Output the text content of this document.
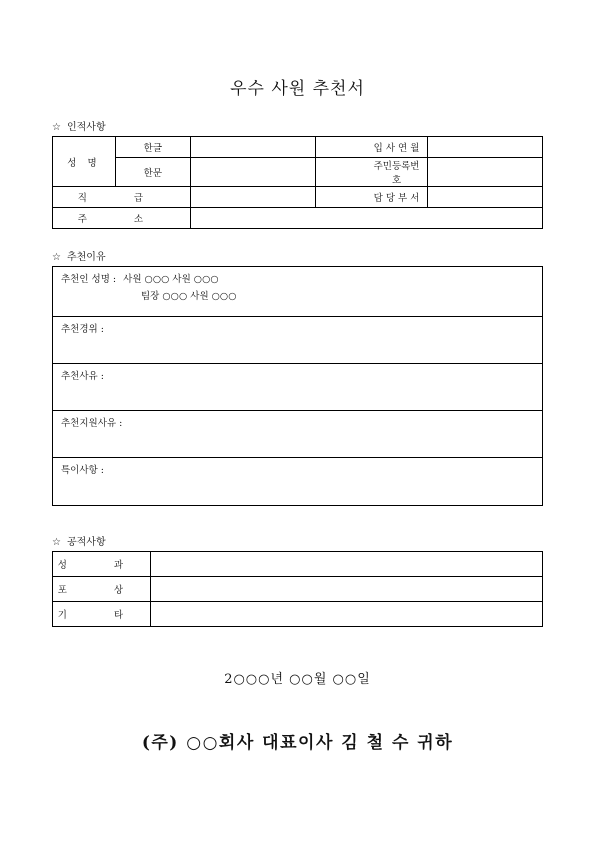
우수 사원 추천서
☆ 인적사항
성 명	한글			입 사 연 월	
	한문			주민등록번호	
직 급				담 당 부 서	
주 소					
☆ 추천이유
추천인 성명 : 사원 ○○○ 사원 ○○○
팀장 ○○○ 사원 ○○○
추천경위 :
추천사유 :
추천지원사유 :
특이사항 :
☆ 공적사항
성 과	
포 상	
기 타	
2○○○년 ○○월 ○○일
(주) ○○회사 대표이사 김 철 수 귀하
